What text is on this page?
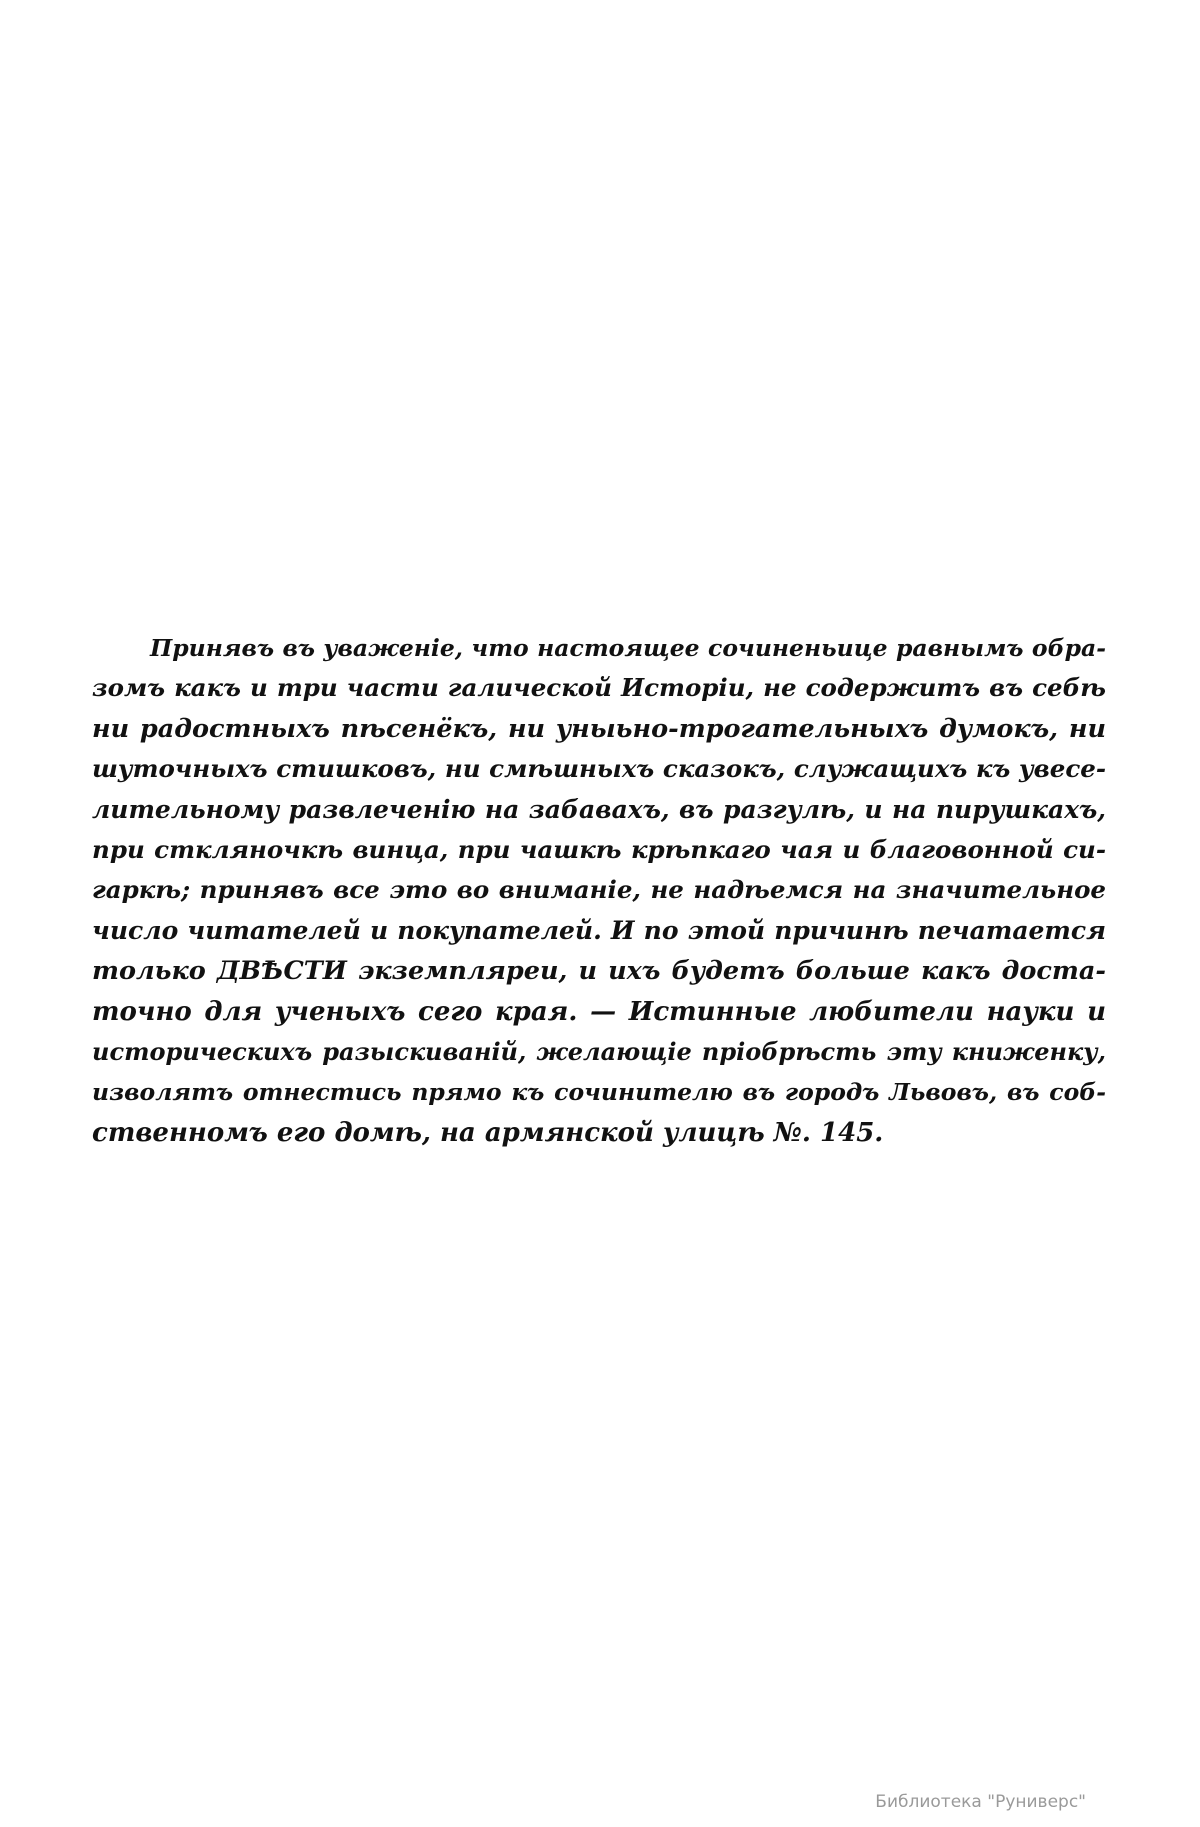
Принявъ въ уваженіе, что настоящее сочиненьице равнымъ обра-
зомъ какъ и три части галической Исторіи, не содержитъ въ себѣ
ни радостныхъ пѣсенёкъ, ни уныьно-трогательныхъ думокъ, ни
шуточныхъ стишковъ, ни смѣшныхъ сказокъ, служащихъ къ увесе-
лительному развлеченію на забавахъ, въ разгулѣ, и на пирушкахъ,
при стклянoчкѣ винца, при чашкѣ крѣпкаго чая и благовонной си-
гаркѣ; принявъ все это во вниманіе, не надѣемся на значительное
число читателей и покупателей. И по этой причинѣ печатается
только ДВѢСТИ экземпляреи, и ихъ будетъ больше какъ доста-
точно для ученыхъ сего края. — Истинные любители науки и
историческихъ разыскиваній, желающіе пріобрѣсть эту книженку,
изволятъ отнестись прямо къ сочинителю въ городъ Львовъ, въ соб-
ственномъ его домѣ, на армянской улицѣ №. 145.
Библиотека "Руниверс"
